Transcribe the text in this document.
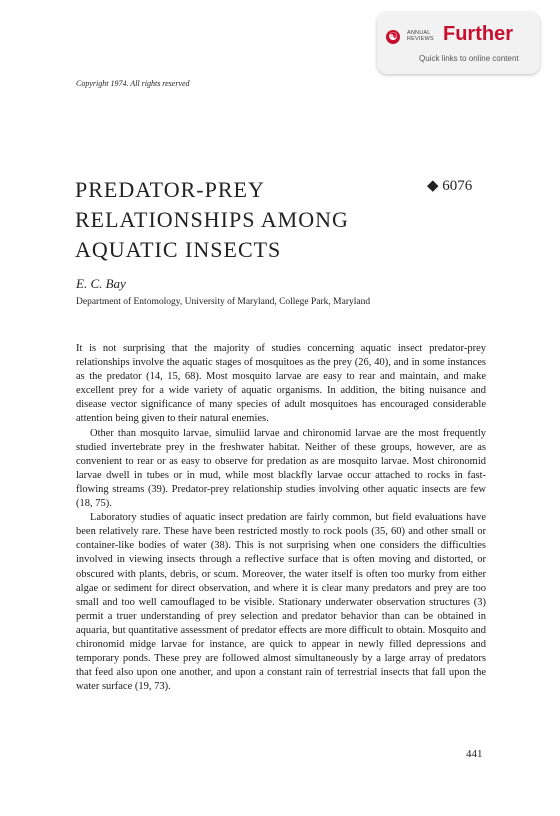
☯	ANNUAL
REVIEWS Further
Quick links to online content
Copyright 1974. All rights reserved
PREDATOR-PREY
RELATIONSHIPS AMONG
AQUATIC INSECTS
◆ 6076
E. C. Bay
Department of Entomology, University of Maryland, College Park, Maryland

It is not surprising that the majority of studies concerning aquatic insect predator-prey relationships involve the aquatic stages of mosquitoes as the prey (26, 40), and in some instances as the predator (14, 15, 68). Most mosquito larvae are easy to rear and maintain, and make excellent prey for a wide variety of aquatic organisms. In addition, the biting nuisance and disease vector significance of many species of adult mosquitoes has encouraged considerable attention being given to their natural enemies.

Other than mosquito larvae, simuliid larvae and chironomid larvae are the most frequently studied invertebrate prey in the freshwater habitat. Neither of these groups, however, are as convenient to rear or as easy to observe for predation as are mosquito larvae. Most chironomid larvae dwell in tubes or in mud, while most blackfly larvae occur attached to rocks in fast-flowing streams (39). Predator-prey relationship studies involving other aquatic insects are few (18, 75).

Laboratory studies of aquatic insect predation are fairly common, but field evaluations have been relatively rare. These have been restricted mostly to rock pools (35, 60) and other small or container-like bodies of water (38). This is not surprising when one considers the difficulties involved in viewing insects through a reflective surface that is often moving and distorted, or obscured with plants, debris, or scum. Moreover, the water itself is often too murky from either algae or sediment for direct observation, and where it is clear many predators and prey are too small and too well camouflaged to be visible. Stationary underwater observation structures (3) permit a truer understanding of prey selection and predator behavior than can be obtained in aquaria, but quantitative assessment of predator effects are more difficult to obtain. Mosquito and chironomid midge larvae for instance, are quick to appear in newly filled depressions and temporary ponds. These prey are followed almost simultaneously by a large array of predators that feed also upon one another, and upon a constant rain of terrestrial insects that fall upon the water surface (19, 73).

441
